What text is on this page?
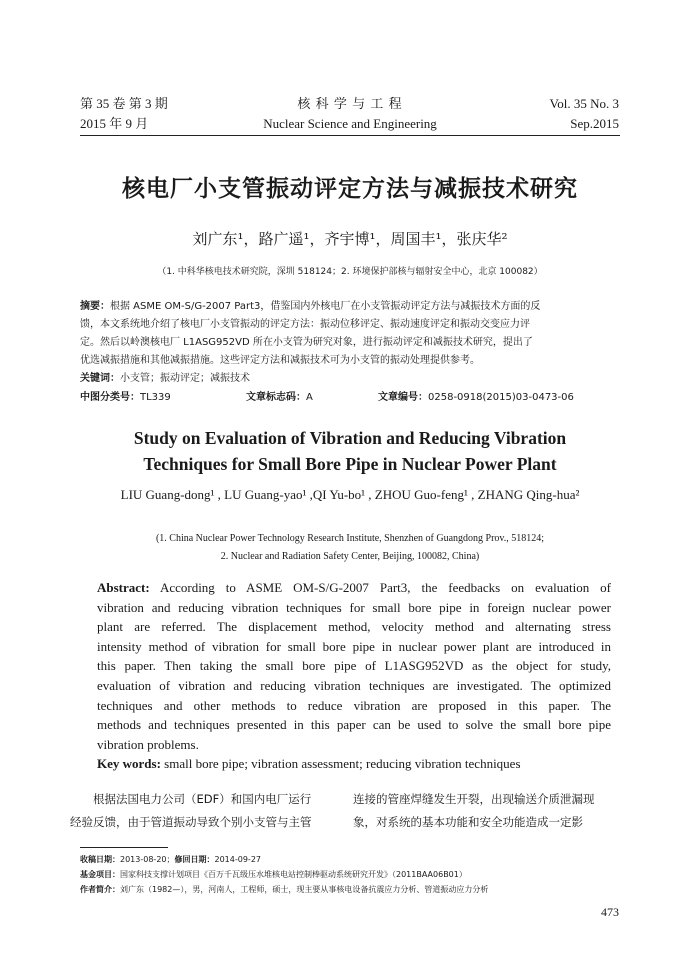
第 35 卷 第 3 期
2015 年 9 月
核 科 学 与 工 程
Nuclear Science and Engineering
Vol. 35 No. 3
Sep.2015
核电厂小支管振动评定方法与减振技术研究
刘广东¹，路广遥¹，齐宇博¹，周国丰¹，张庆华²
（1. 中科华核电技术研究院，深圳 518124；2. 环境保护部核与辐射安全中心，北京 100082）
摘要：根据 ASME OM-S/G-2007 Part3，借鉴国内外核电厂在小支管振动评定方法与减振技术方面的反
馈，本文系统地介绍了核电厂小支管振动的评定方法：振动位移评定、振动速度评定和振动交变应力评
定。然后以岭澳核电厂 L1ASG952VD 所在小支管为研究对象，进行振动评定和减振技术研究，提出了
优选减振措施和其他减振措施。这些评定方法和减振技术可为小支管的振动处理提供参考。
关键词：小支管；振动评定；减振技术
中图分类号：TL339	文章标志码：A	文章编号：0258-0918(2015)03-0473-06
Study on Evaluation of Vibration and Reducing Vibration
Techniques for Small Bore Pipe in Nuclear Power Plant
LIU Guang-dong¹ , LU Guang-yao¹ ,QI Yu-bo¹ , ZHOU Guo-feng¹ , ZHANG Qing-hua²
(1. China Nuclear Power Technology Research Institute, Shenzhen of Guangdong Prov., 518124;
2. Nuclear and Radiation Safety Center, Beijing, 100082, China)
Abstract: According to ASME OM-S/G-2007 Part3, the feedbacks on evaluation of
vibration and reducing vibration techniques for small bore pipe in foreign nuclear power
plant are referred. The displacement method, velocity method and alternating stress
intensity method of vibration for small bore pipe in nuclear power plant are introduced in
this paper. Then taking the small bore pipe of L1ASG952VD as the object for study,
evaluation of vibration and reducing vibration techniques are investigated. The optimized
techniques and other methods to reduce vibration are proposed in this paper. The
methods and techniques presented in this paper can be used to solve the small bore pipe
vibration problems.
Key words: small bore pipe; vibration assessment; reducing vibration techniques
根据法国电力公司（EDF）和国内电厂运行
经验反馈，由于管道振动导致个别小支管与主管
连接的管座焊缝发生开裂，出现输送介质泄漏现
象，对系统的基本功能和安全功能造成一定影
收稿日期：2013-08-20；修回日期：2014-09-27
基金项目：国家科技支撑计划项目《百万千瓦级压水堆核电站控制棒驱动系统研究开发》（2011BAA06B01）
作者简介：刘广东（1982—），男，河南人，工程师，硕士，现主要从事核电设备抗震应力分析、管道振动应力分析
473
